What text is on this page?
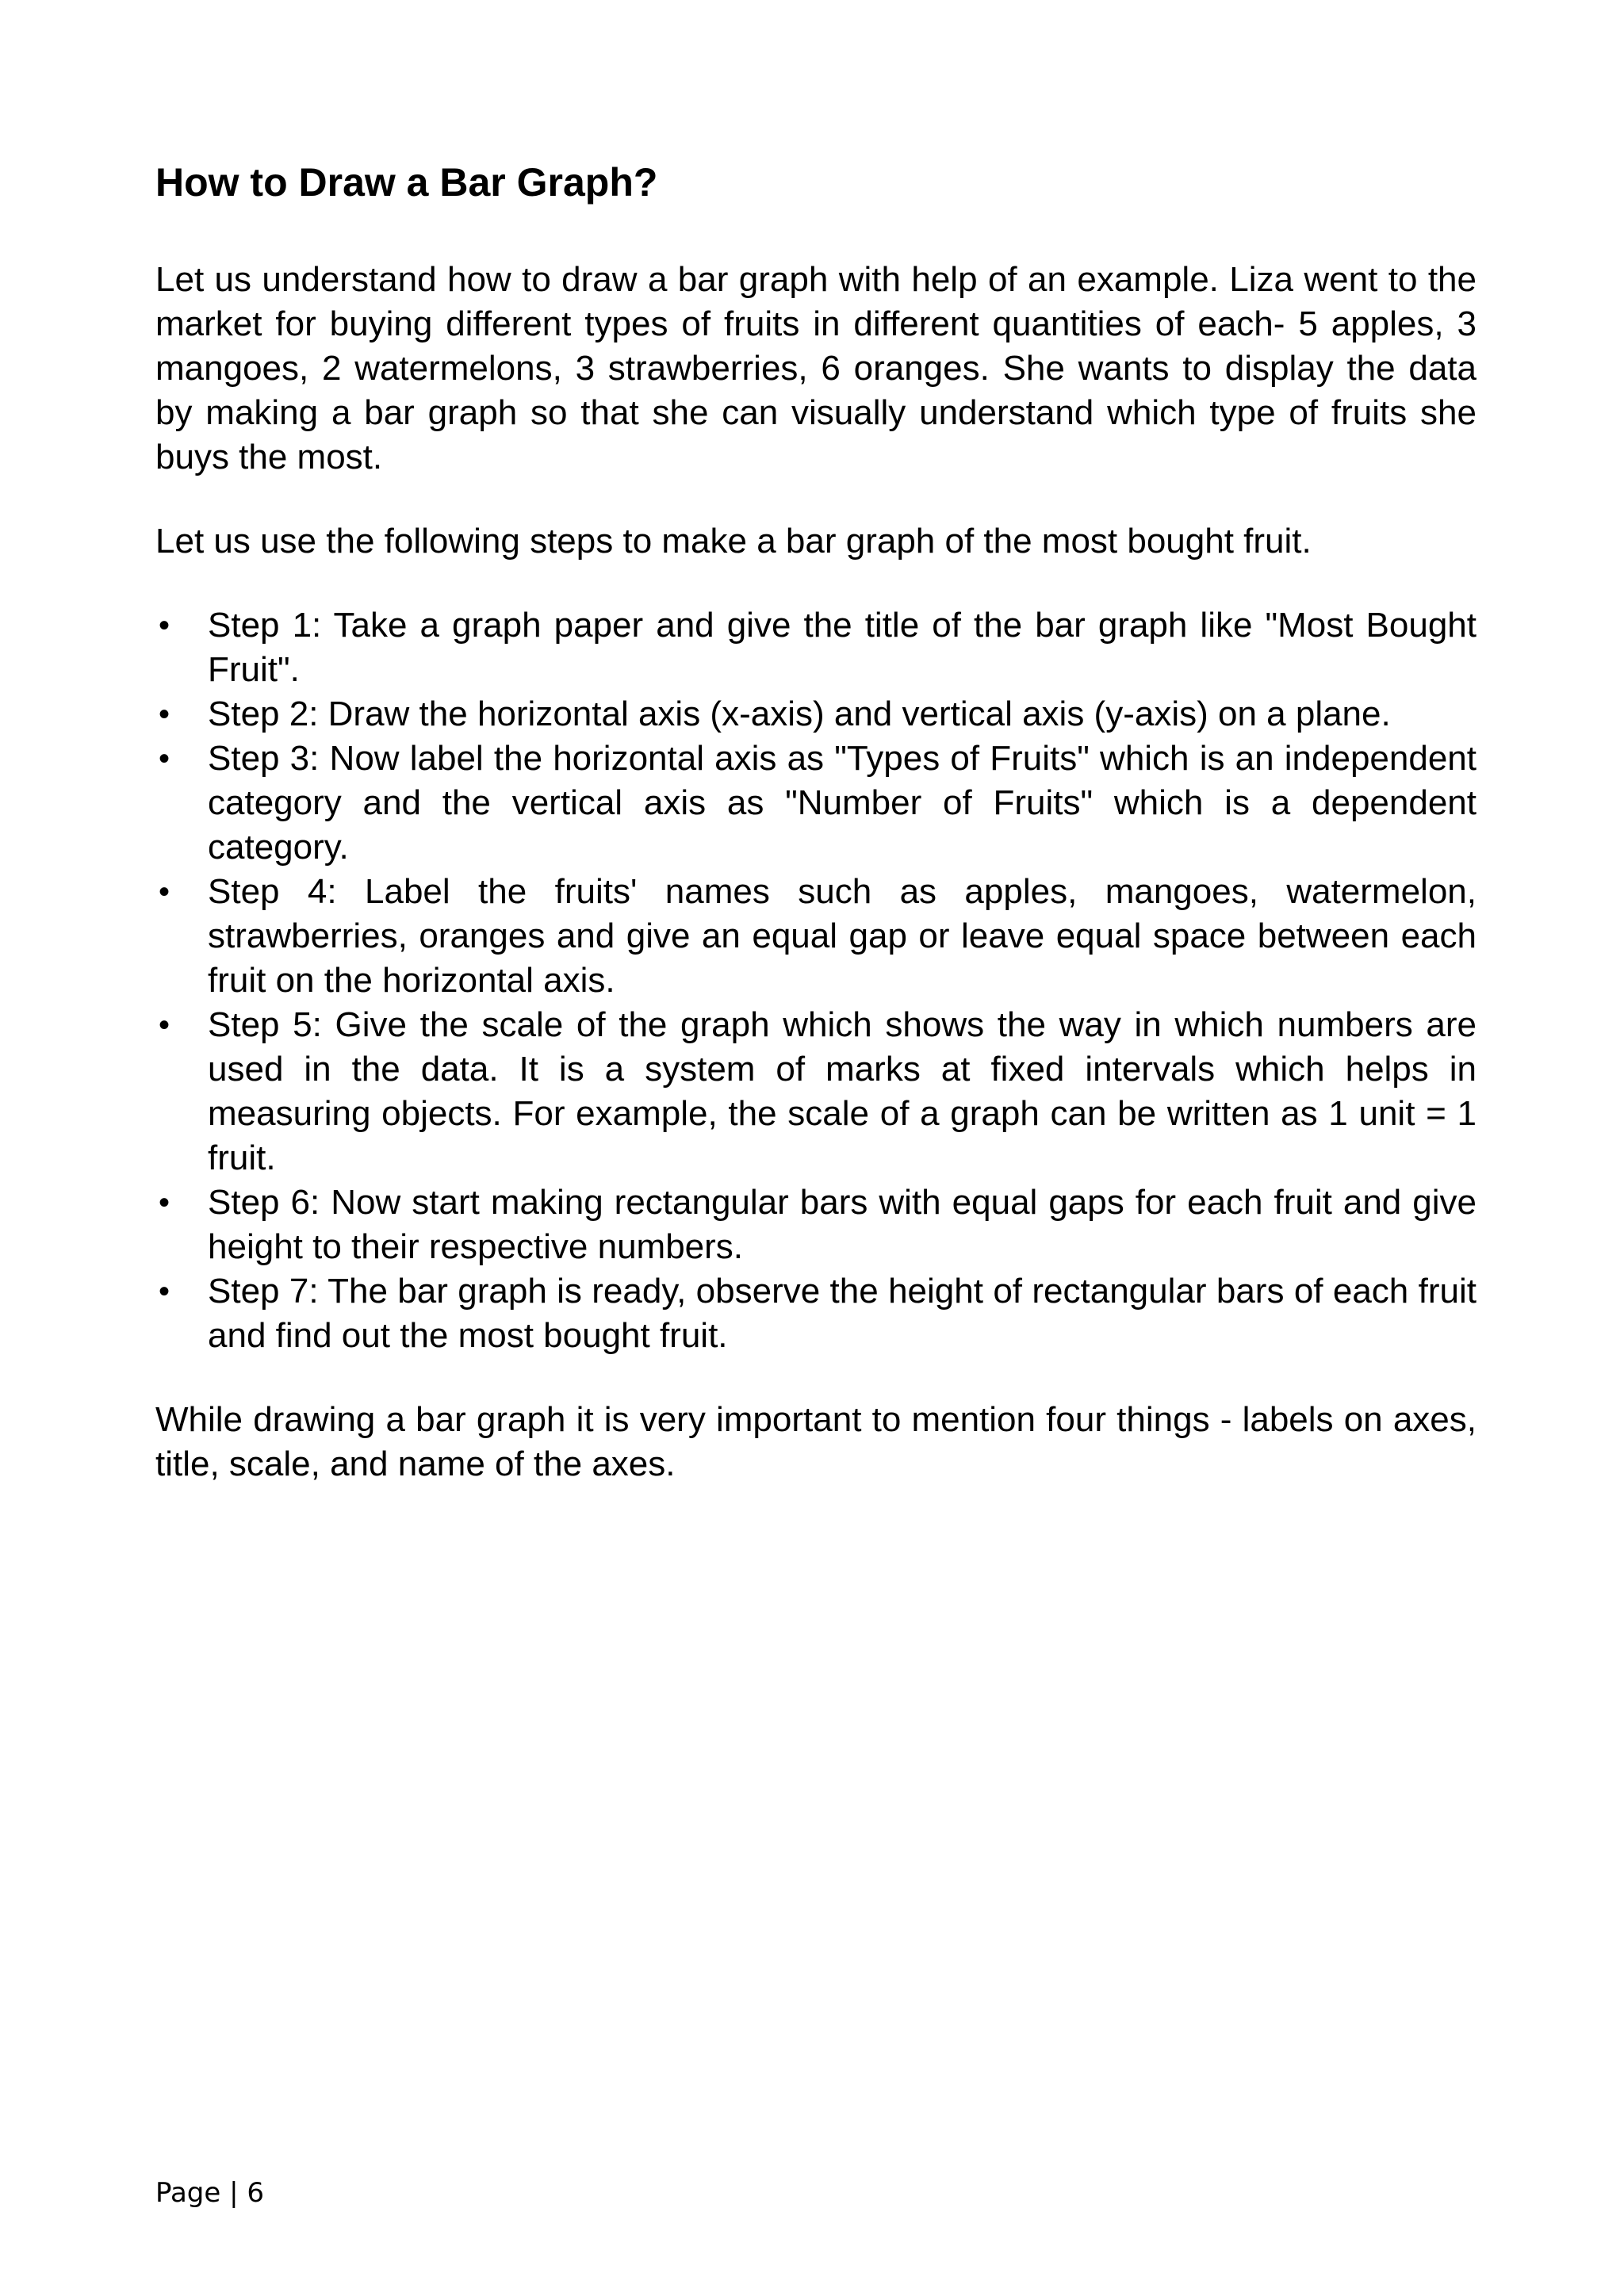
How to Draw a Bar Graph?

Let us understand how to draw a bar graph with help of an example. Liza went to the market for buying different types of fruits in different quantities of each- 5 apples, 3 mangoes, 2 watermelons, 3 strawberries, 6 oranges. She wants to display the data by making a bar graph so that she can visually understand which type of fruits she buys the most.

Let us use the following steps to make a bar graph of the most bought fruit.

• Step 1: Take a graph paper and give the title of the bar graph like "Most Bought Fruit".
• Step 2: Draw the horizontal axis (x-axis) and vertical axis (y-axis) on a plane.
• Step 3: Now label the horizontal axis as "Types of Fruits" which is an independent category and the vertical axis as "Number of Fruits" which is a dependent category.
• Step 4: Label the fruits' names such as apples, mangoes, watermelon, strawberries, oranges and give an equal gap or leave equal space between each fruit on the horizontal axis.
• Step 5: Give the scale of the graph which shows the way in which numbers are used in the data. It is a system of marks at fixed intervals which helps in measuring objects. For example, the scale of a graph can be written as 1 unit = 1 fruit.
• Step 6: Now start making rectangular bars with equal gaps for each fruit and give height to their respective numbers.
• Step 7: The bar graph is ready, observe the height of rectangular bars of each fruit and find out the most bought fruit.

While drawing a bar graph it is very important to mention four things - labels on axes, title, scale, and name of the axes.

Page | 6
